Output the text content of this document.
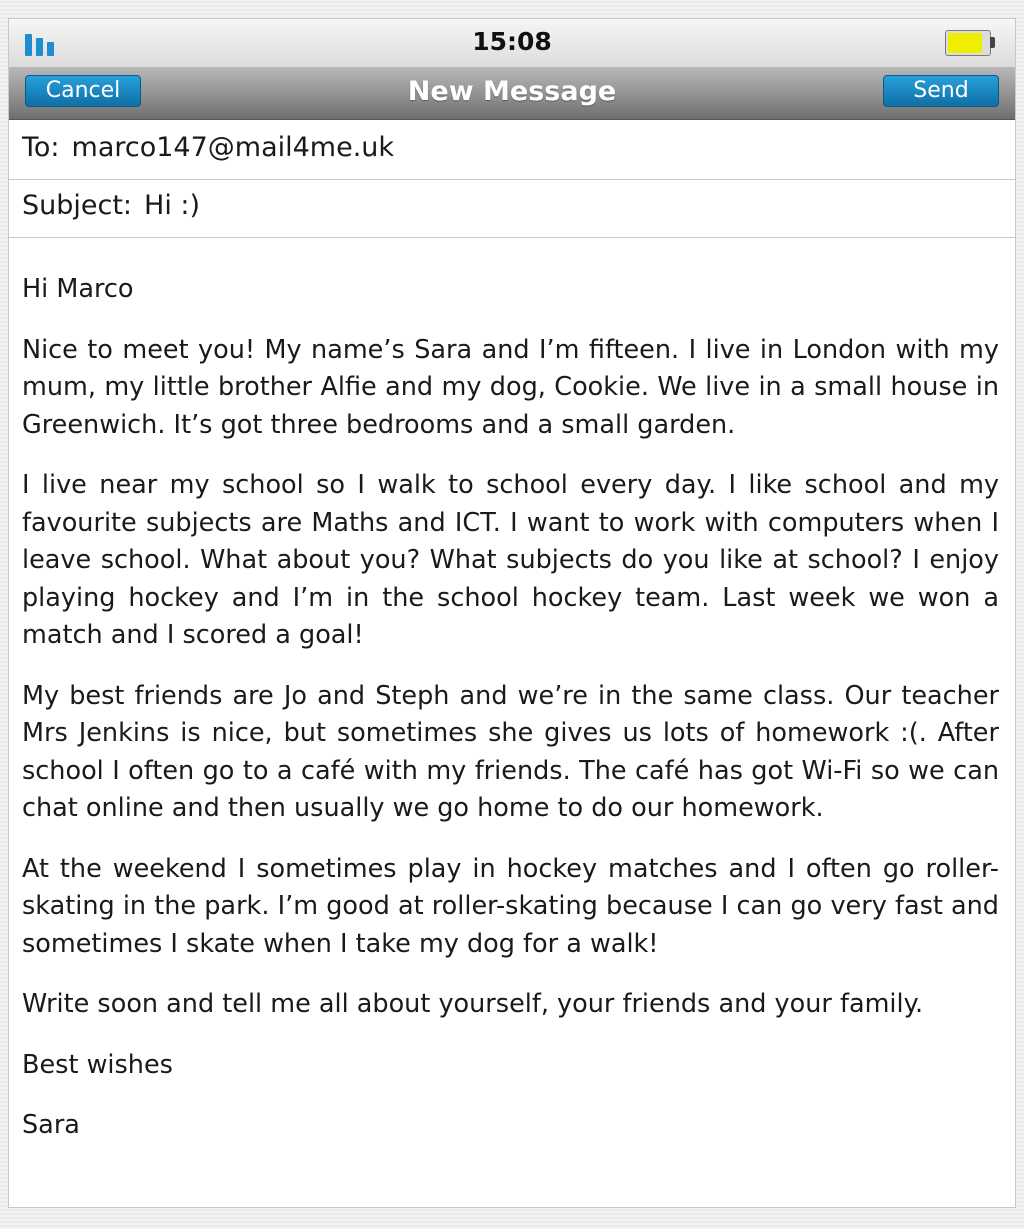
15:08
Cancel	New Message	Send
To: marco147@mail4me.uk
Subject: Hi :)

Hi Marco

Nice to meet you! My name’s Sara and I’m fifteen. I live in London with my mum, my little brother Alfie and my dog, Cookie. We live in a small house in Greenwich. It’s got three bedrooms and a small garden.

I live near my school so I walk to school every day. I like school and my favourite subjects are Maths and ICT. I want to work with computers when I leave school. What about you? What subjects do you like at school? I enjoy playing hockey and I’m in the school hockey team. Last week we won a match and I scored a goal!

My best friends are Jo and Steph and we’re in the same class. Our teacher Mrs Jenkins is nice, but sometimes she gives us lots of homework :(. After school I often go to a café with my friends. The café has got Wi-Fi so we can chat online and then usually we go home to do our homework.

At the weekend I sometimes play in hockey matches and I often go roller-skating in the park. I’m good at roller-skating because I can go very fast and sometimes I skate when I take my dog for a walk!

Write soon and tell me all about yourself, your friends and your family.

Best wishes

Sara
